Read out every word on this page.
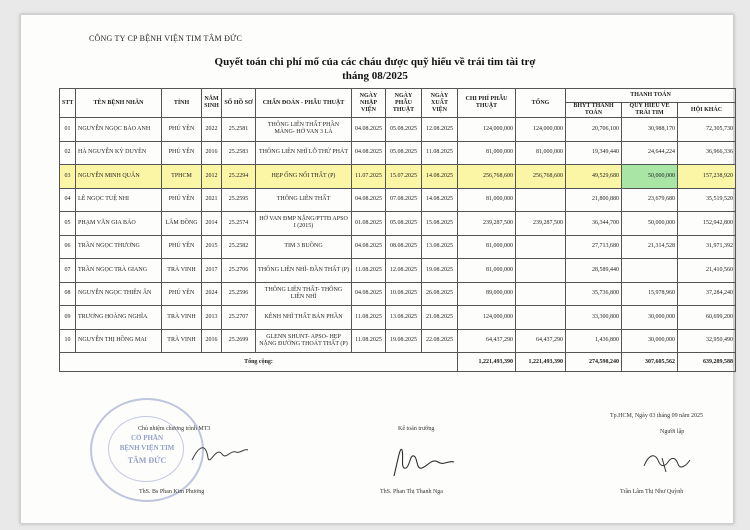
CÔNG TY CP BỆNH VIỆN TIM TÂM ĐỨC
Quyết toán chi phí mổ của các cháu được quỹ hiếu về trái tim tài trợ
tháng 08/2025
STT	TÊN BỆNH NHÂN	TỈNH	NĂM SINH	SỐ HỒ SƠ	CHẨN ĐOÁN - PHẪU THUẬT	NGÀY NHẬP VIỆN	NGÀY PHẪU THUẬT	NGÀY XUẤT VIỆN	CHI PHÍ PHẪU THUẬT	TỔNG	THANH TOÁN		
											BHYT THANH TOÁN	QUỸ HIẾU VỀ TRÁI TIM	HỘI KHÁC
01	NGUYỄN NGỌC BẢO ANH	PHÚ YÊN	2022	25.2581	THÔNG LIÊN THẤT PHẦN MÀNG- HỞ VAN 3 LÁ	04.08.2025	05.08.2025	12.08.2025	124,000,000	124,000,000	20,706,100	30,988,170	72,305,730
02	HÀ NGUYỄN KỲ DUYÊN	PHÚ YÊN	2016	25.2583	THÔNG LIÊN NHĨ LỖ THỨ PHÁT	04.08.2025	05.08.2025	11.08.2025	81,000,000	81,000,000	19,349,440	24,644,224	36,966,336
03	NGUYỄN MINH QUÂN	TPHCM	2012	25.2294	HẸP ỐNG NỐI THẤT (P)	11.07.2025	15.07.2025	14.08.2025	256,768,600	256,768,600	49,529,680	50,000,000	157,238,920
04	LÊ NGỌC TUỆ NHI	PHÚ YÊN	2021	25.2595	THÔNG LIÊN THẤT	04.08.2025	07.08.2025	14.08.2025	81,000,000		21,800,880	23,679,680	35,519,520
05	PHẠM VĂN GIA BẢO	LÂM ĐỒNG	2014	25.2574	HỞ VAN ĐMP NẶNG/PTTĐ APSO I (2015)	01.08.2025	05.08.2025	15.08.2025	239,287,500	239,287,500	36,344,700	50,000,000	152,942,800
06	TRẦN NGỌC THƯƠNG	PHÚ YÊN	2015	25.2582	TIM 3 BUỒNG	04.08.2025	08.08.2025	13.08.2025	81,000,000		27,713,680	21,314,528	31,971,392
07	TRẦN NGỌC TRÀ GIANG	TRÀ VINH	2017	25.2706	THÔNG LIÊN NHĨ- ĐẦN THẤT (P)	11.08.2025	12.08.2025	19.08.2025	81,000,000		28,589,440		21,410,560
08	NGUYỄN NGỌC THIÊN ÂN	PHÚ YÊN	2024	25.2596	THÔNG LIÊN THẤT- THÔNG LIÊN NHĨ	04.08.2025	10.08.2025	26.08.2025	89,000,000		35,736,800	15,978,960	37,284,240
09	TRƯƠNG HOÀNG NGHĨA	TRÀ VINH	2013	25.2707	KÊNH NHĨ THẤT BÁN PHẦN	11.08.2025	13.08.2025	21.08.2025	124,000,000		33,300,800	30,000,000	60,699,200
10	NGUYỄN THỊ HỒNG MAI	TRÀ VINH	2016	25.2699	GLENN SHUNT- APSO- HẸP NẶNG ĐƯỜNG THOÁT THẤT (P)	11.08.2025	19.08.2025	22.08.2025	64,437,290	64,437,290	1,436,800	30,000,000	32,950,490
Tổng cộng:									1,221,493,390	1,221,493,390	274,598,240	307,605,562	639,289,588
CỔ PHẦN
BỆNH VIỆN TIM
TÂM ĐỨC
Chủ nhiệm chương trình MT3
ThS. Bs Phan Kim Phương
Kế toán trưởng
ThS. Phan Thị Thanh Nga
Tp.HCM, Ngày 03 tháng 09 năm 2025
Người lập
Trần Lâm Thị Như Quỳnh
